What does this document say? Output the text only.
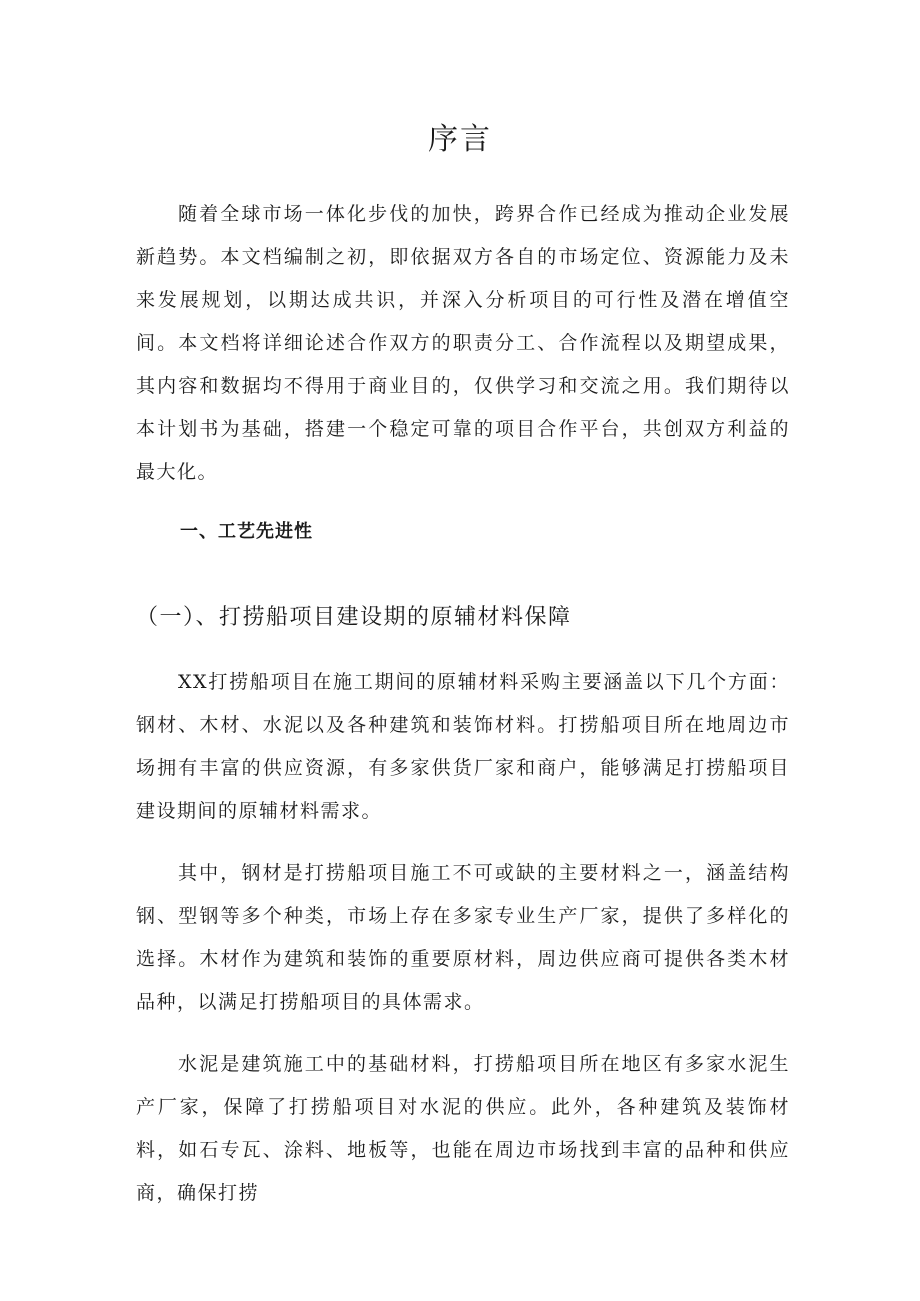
序言

随着全球市场一体化步伐的加快，跨界合作已经成为推动企业发展新趋势。本文档编制之初，即依据双方各自的市场定位、资源能力及未来发展规划，以期达成共识，并深入分析项目的可行性及潜在增值空间。本文档将详细论述合作双方的职责分工、合作流程以及期望成果，其内容和数据均不得用于商业目的，仅供学习和交流之用。我们期待以本计划书为基础，搭建一个稳定可靠的项目合作平台，共创双方利益的最大化。

一、工艺先进性
（一）、打捞船项目建设期的原辅材料保障

XX打捞船项目在施工期间的原辅材料采购主要涵盖以下几个方面：钢材、木材、水泥以及各种建筑和装饰材料。打捞船项目所在地周边市场拥有丰富的供应资源，有多家供货厂家和商户，能够满足打捞船项目建设期间的原辅材料需求。

其中，钢材是打捞船项目施工不可或缺的主要材料之一，涵盖结构钢、型钢等多个种类，市场上存在多家专业生产厂家，提供了多样化的选择。木材作为建筑和装饰的重要原材料，周边供应商可提供各类木材品种，以满足打捞船项目的具体需求。

水泥是建筑施工中的基础材料，打捞船项目所在地区有多家水泥生产厂家，保障了打捞船项目对水泥的供应。此外，各种建筑及装饰材料，如石专瓦、涂料、地板等，也能在周边市场找到丰富的品种和供应商，确保打捞
